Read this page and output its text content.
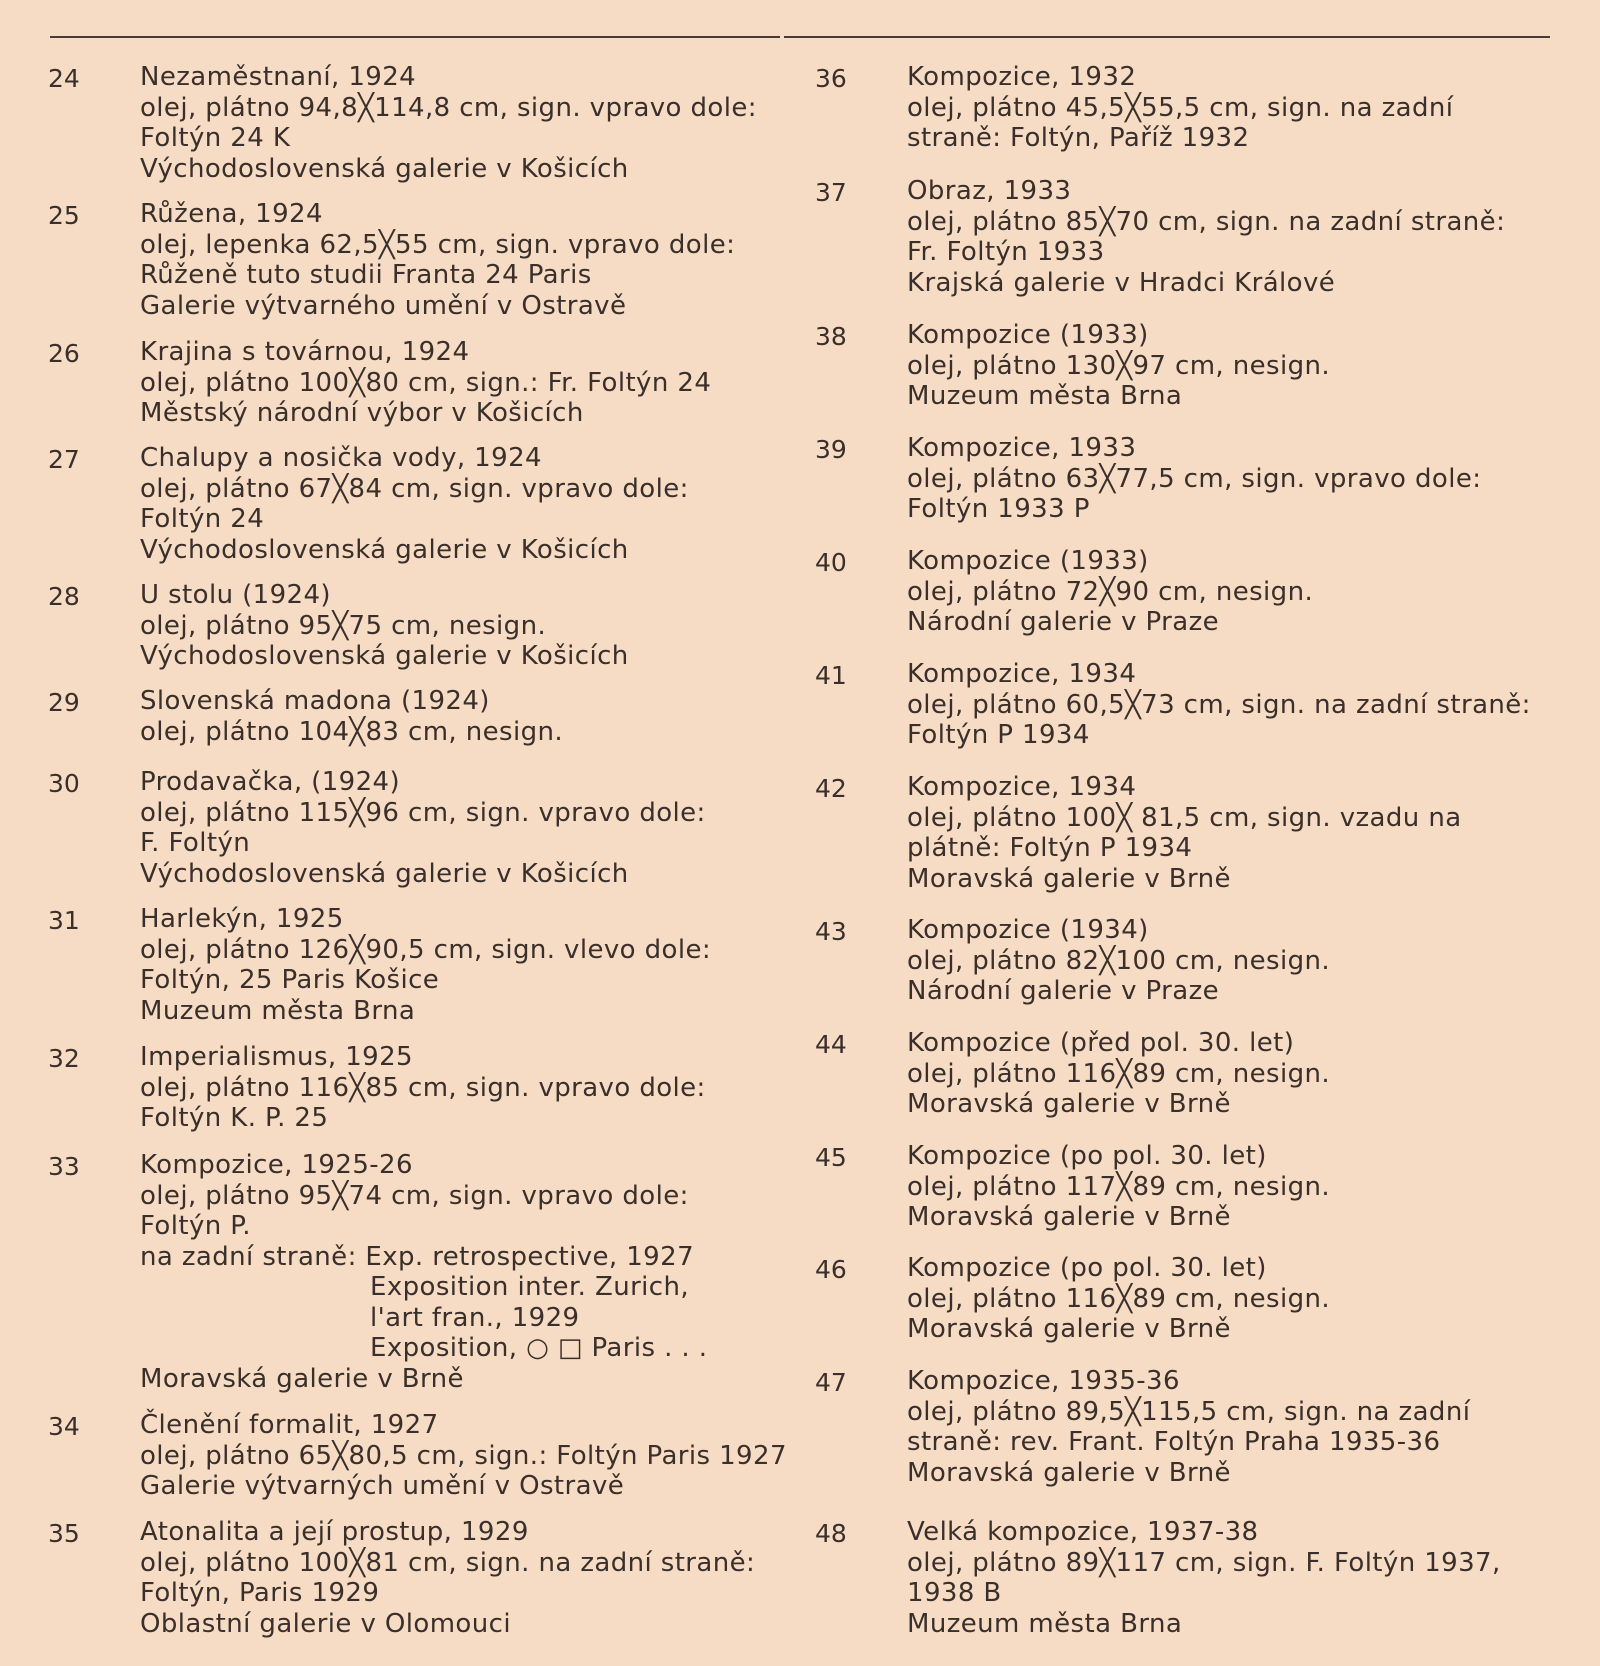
24	Nezaměstnaní, 1924
olej, plátno 94,8╳114,8 cm, sign. vpravo dole:
Foltýn 24 K
Východoslovenská galerie v Košicích
25	Růžena, 1924
olej, lepenka 62,5╳55 cm, sign. vpravo dole:
Růženě tuto studii Franta 24 Paris
Galerie výtvarného umění v Ostravě
26	Krajina s továrnou, 1924
olej, plátno 100╳80 cm, sign.: Fr. Foltýn 24
Městský národní výbor v Košicích
27	Chalupy a nosička vody, 1924
olej, plátno 67╳84 cm, sign. vpravo dole:
Foltýn 24
Východoslovenská galerie v Košicích
28	U stolu (1924)
olej, plátno 95╳75 cm, nesign.
Východoslovenská galerie v Košicích
29	Slovenská madona (1924)
olej, plátno 104╳83 cm, nesign.
30	Prodavačka, (1924)
olej, plátno 115╳96 cm, sign. vpravo dole:
F. Foltýn
Východoslovenská galerie v Košicích
31	Harlekýn, 1925
olej, plátno 126╳90,5 cm, sign. vlevo dole:
Foltýn, 25 Paris Košice
Muzeum města Brna
32	Imperialismus, 1925
olej, plátno 116╳85 cm, sign. vpravo dole:
Foltýn K. P. 25
33	Kompozice, 1925-26
olej, plátno 95╳74 cm, sign. vpravo dole:
Foltýn P.
na zadní straně: Exp. retrospective, 1927
Exposition inter. Zurich,
l'art fran., 1929
Exposition, ○ □ Paris . . .
Moravská galerie v Brně
34	Členění formalit, 1927
olej, plátno 65╳80,5 cm, sign.: Foltýn Paris 1927
Galerie výtvarných umění v Ostravě
35	Atonalita a její prostup, 1929
olej, plátno 100╳81 cm, sign. na zadní straně:
Foltýn, Paris 1929
Oblastní galerie v Olomouci
36	Kompozice, 1932
olej, plátno 45,5╳55,5 cm, sign. na zadní
straně: Foltýn, Paříž 1932
37	Obraz, 1933
olej, plátno 85╳70 cm, sign. na zadní straně:
Fr. Foltýn 1933
Krajská galerie v Hradci Králové
38	Kompozice (1933)
olej, plátno 130╳97 cm, nesign.
Muzeum města Brna
39	Kompozice, 1933
olej, plátno 63╳77,5 cm, sign. vpravo dole:
Foltýn 1933 P
40	Kompozice (1933)
olej, plátno 72╳90 cm, nesign.
Národní galerie v Praze
41	Kompozice, 1934
olej, plátno 60,5╳73 cm, sign. na zadní straně:
Foltýn P 1934
42	Kompozice, 1934
olej, plátno 100╳ 81,5 cm, sign. vzadu na
plátně: Foltýn P 1934
Moravská galerie v Brně
43	Kompozice (1934)
olej, plátno 82╳100 cm, nesign.
Národní galerie v Praze
44	Kompozice (před pol. 30. let)
olej, plátno 116╳89 cm, nesign.
Moravská galerie v Brně
45	Kompozice (po pol. 30. let)
olej, plátno 117╳89 cm, nesign.
Moravská galerie v Brně
46	Kompozice (po pol. 30. let)
olej, plátno 116╳89 cm, nesign.
Moravská galerie v Brně
47	Kompozice, 1935-36
olej, plátno 89,5╳115,5 cm, sign. na zadní
straně: rev. Frant. Foltýn Praha 1935-36
Moravská galerie v Brně
48	Velká kompozice, 1937-38
olej, plátno 89╳117 cm, sign. F. Foltýn 1937,
1938 B
Muzeum města Brna
